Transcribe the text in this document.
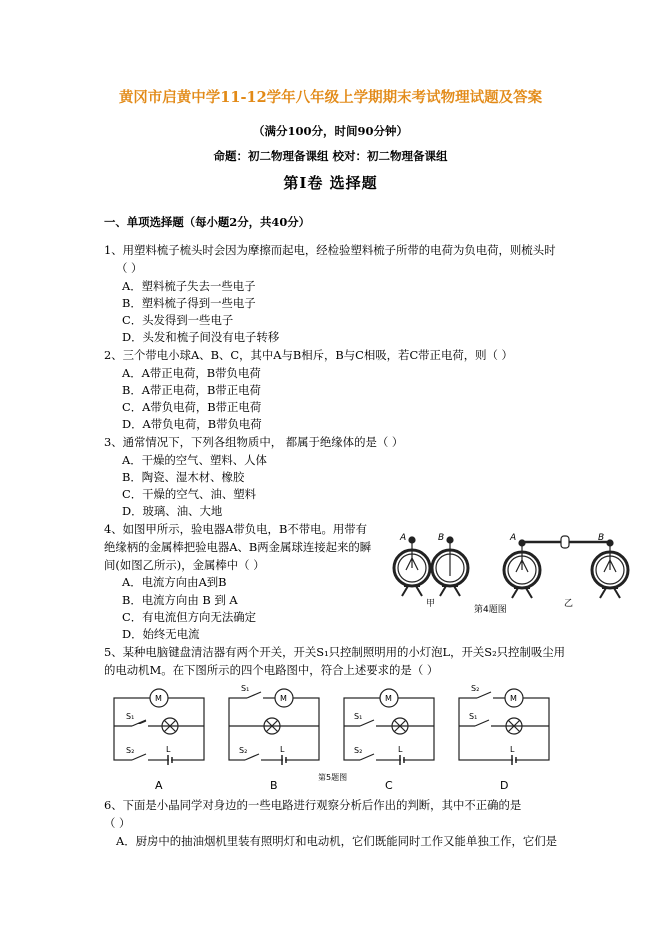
黄冈市启黄中学11-12学年八年级上学期期末考试物理试题及答案
（满分100分，时间90分钟）
命题：初二物理备课组 校对：初二物理备课组
第Ⅰ卷 选择题
一、单项选择题（每小题2分，共40分）
1、用塑料梳子梳头时会因为摩擦而起电，经检验塑料梳子所带的电荷为负电荷，则梳头时
（ ）
A．塑料梳子失去一些电子
B．塑料梳子得到一些电子
C．头发得到一些电子
D．头发和梳子间没有电子转移
2、三个带电小球A、B、C，其中A与B相斥，B与C相吸，若C带正电荷，则（ ）
A．A带正电荷，B带负电荷
B．A带正电荷，B带正电荷
C．A带负电荷，B带正电荷
D．A带负电荷，B带负电荷
3、通常情况下，下列各组物质中， 都属于绝缘体的是（ ）
A．干燥的空气、塑料、人体
B．陶瓷、湿木材、橡胶
C．干燥的空气、油、塑料
D．玻璃、油、大地
4、如图甲所示，验电器A带负电，B不带电。用带有
绝缘柄的金属棒把验电器A、B两金属球连接起来的瞬
间(如图乙所示)，金属棒中（ ）
A．电流方向由A到B
B．电流方向由 B 到 A
C．有电流但方向无法确定
D．始终无电流
A	B	A	B
甲	乙
第4题图
5、某种电脑键盘清洁器有两个开关，开关S₁只控制照明用的小灯泡L，开关S₂只控制吸尘用
的电动机M。在下图所示的四个电路图中，符合上述要求的是（ ）
M
S₁
S₂	L
M
S₁
S₂	L
M
S₁
S₂	L
M
S₂
S₁
L
A	B	C	D
第5题图
6、下面是小晶同学对身边的一些电路进行观察分析后作出的判断，其中不正确的是
（ ）
A．厨房中的抽油烟机里装有照明灯和电动机，它们既能同时工作又能单独工作，它们是
